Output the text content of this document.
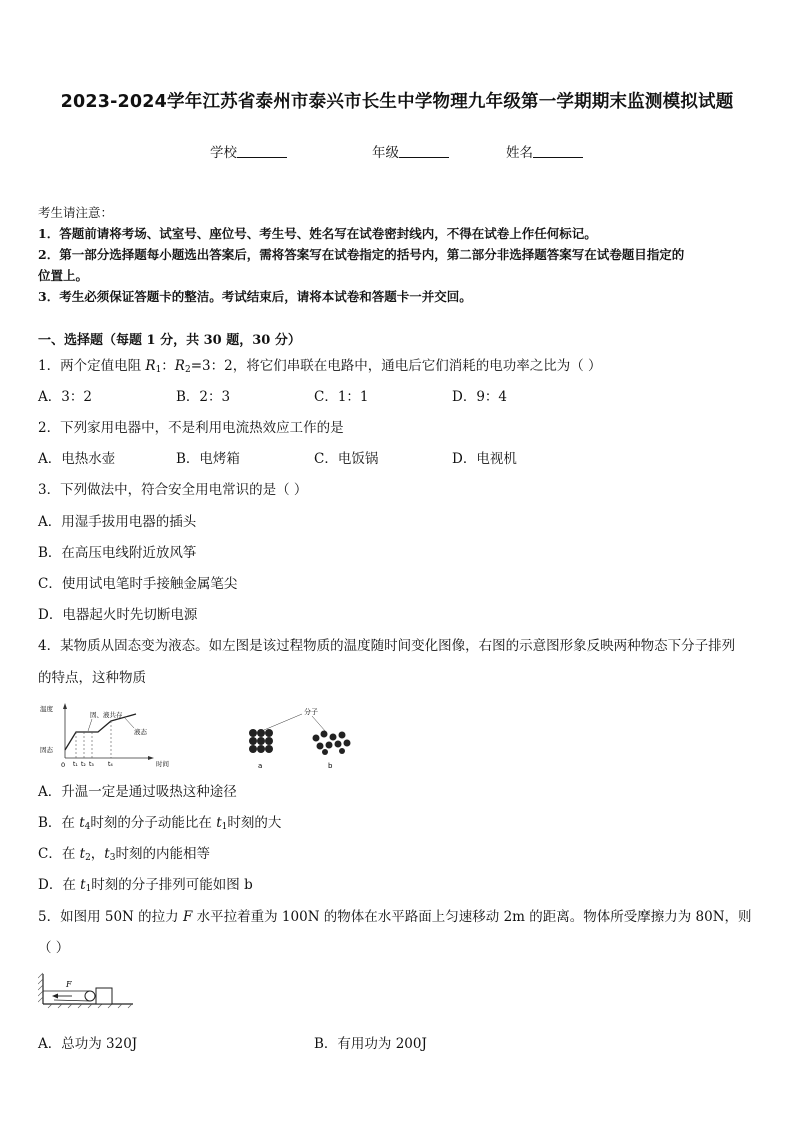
2023-2024学年江苏省泰州市泰兴市长生中学物理九年级第一学期期末监测模拟试题
学校	年级	姓名
考生请注意：
1．答题前请将考场、试室号、座位号、考生号、姓名写在试卷密封线内，不得在试卷上作任何标记。
2．第一部分选择题每小题选出答案后，需将答案写在试卷指定的括号内，第二部分非选择题答案写在试卷题目指定的
位置上。
3．考生必须保证答题卡的整洁。考试结束后，请将本试卷和答题卡一并交回。
一、选择题（每题 1 分，共 30 题，30 分）
1．两个定值电阻 $R_1$：$R_2=3$：2，将它们串联在电路中，通电后它们消耗的电功率之比为（ ）
A．3：2	B．2：3	C．1：1	D．9：4
2．下列家用电器中，不是利用电流热效应工作的是
A．电热水壶	B．电烤箱	C．电饭锅	D．电视机
3．下列做法中，符合安全用电常识的是（ ）
A．用湿手拔用电器的插头
B．在高压电线附近放风筝
C．使用试电笔时手接触金属笔尖
D．电器起火时先切断电源
4．某物质从固态变为液态。如左图是该过程物质的温度随时间变化图像，右图的示意图形象反映两种物态下分子排列
的特点，这种物质
温度
时间
0 t₁ t₂ t₃ t₄
固态
固、液共存
液态
分子
a	b
A．升温一定是通过吸热这种途径
B．在 $t_4$时刻的分子动能比在 $t_1$时刻的大
C．在 $t_2$，$t_3$时刻的内能相等
D．在 $t_1$时刻的分子排列可能如图 b
5．如图用 50N 的拉力 F 水平拉着重为 100N 的物体在水平路面上匀速移动 2m 的距离。物体所受摩擦力为 80N，则
（ ）
F
A．总功为 320J	B．有用功为 200J
